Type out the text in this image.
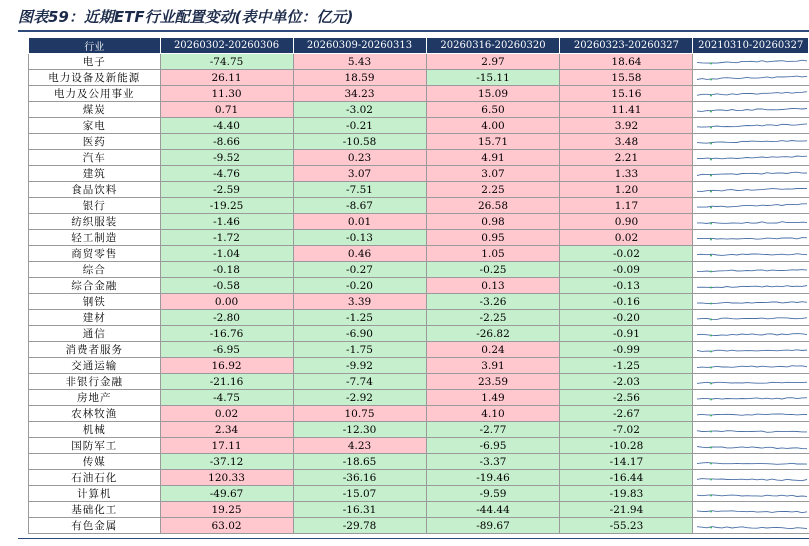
图表59：近期ETF行业配置变动(表中单位：亿元)
行业	20260302-20260306	20260309-20260313	20260316-20260320	20260323-20260327	20210310-20260327
电子	-74.75	5.43	2.97	18.64	

电力设备及新能源	26.11	18.59	-15.11	15.58	

电力及公用事业	11.30	34.23	15.09	15.16	

煤炭	0.71	-3.02	6.50	11.41	

家电	-4.40	-0.21	4.00	3.92	

医药	-8.66	-10.58	15.71	3.48	

汽车	-9.52	0.23	4.91	2.21	

建筑	-4.76	3.07	3.07	1.33	

食品饮料	-2.59	-7.51	2.25	1.20	

银行	-19.25	-8.67	26.58	1.17	

纺织服装	-1.46	0.01	0.98	0.90	

轻工制造	-1.72	-0.13	0.95	0.02	

商贸零售	-1.04	0.46	1.05	-0.02	

综合	-0.18	-0.27	-0.25	-0.09	

综合金融	-0.58	-0.20	0.13	-0.13	

钢铁	0.00	3.39	-3.26	-0.16	

建材	-2.80	-1.25	-2.25	-0.20	

通信	-16.76	-6.90	-26.82	-0.91	

消费者服务	-6.95	-1.75	0.24	-0.99	

交通运输	16.92	-9.92	3.91	-1.25	

非银行金融	-21.16	-7.74	23.59	-2.03	

房地产	-4.75	-2.92	1.49	-2.56	

农林牧渔	0.02	10.75	4.10	-2.67	

机械	2.34	-12.30	-2.77	-7.02	

国防军工	17.11	4.23	-6.95	-10.28	

传媒	-37.12	-18.65	-3.37	-14.17	

石油石化	120.33	-36.16	-19.46	-16.44	

计算机	-49.67	-15.07	-9.59	-19.83	

基础化工	19.25	-16.31	-44.44	-21.94	

有色金属	63.02	-29.78	-89.67	-55.23	
